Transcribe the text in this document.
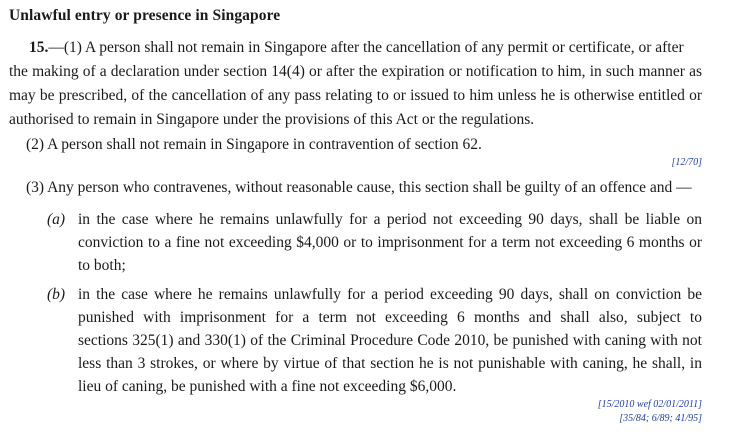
Unlawful entry or presence in Singapore
15.—(1) A person shall not remain in Singapore after the cancellation of any permit or certificate, or after
the making of a declaration under section 14(4) or after the expiration or notification to him, in such manner as
may be prescribed, of the cancellation of any pass relating to or issued to him unless he is otherwise entitled or
authorised to remain in Singapore under the provisions of this Act or the regulations.
(2) A person shall not remain in Singapore in contravention of section 62.
[12/70]
(3) Any person who contravenes, without reasonable cause, this section shall be guilty of an offence and —
(a) in the case where he remains unlawfully for a period not exceeding 90 days, shall be liable on
conviction to a fine not exceeding $4,000 or to imprisonment for a term not exceeding 6 months or
to both;
(b) in the case where he remains unlawfully for a period exceeding 90 days, shall on conviction be
punished with imprisonment for a term not exceeding 6 months and shall also, subject to
sections 325(1) and 330(1) of the Criminal Procedure Code 2010, be punished with caning with not
less than 3 strokes, or where by virtue of that section he is not punishable with caning, he shall, in
lieu of caning, be punished with a fine not exceeding $6,000.
[15/2010 wef 02/01/2011]
[35/84; 6/89; 41/95]
